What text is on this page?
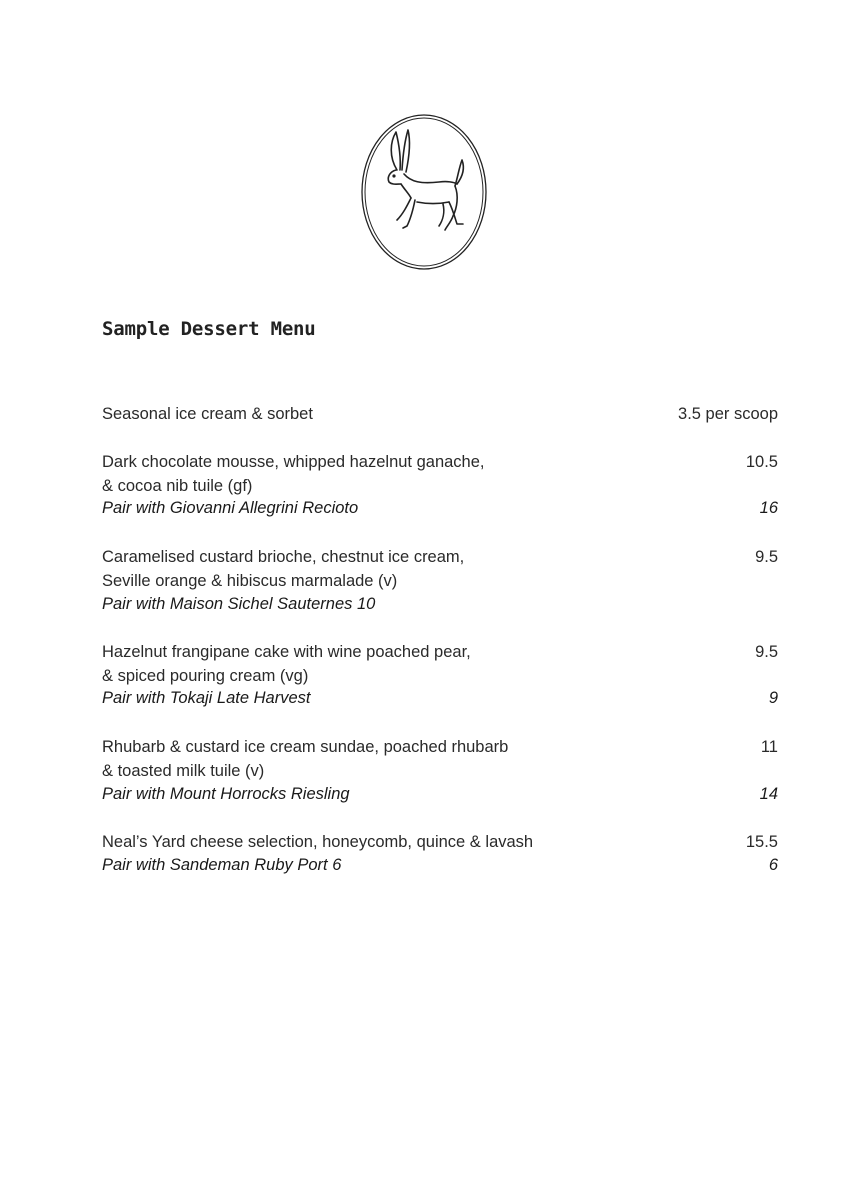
Sample Dessert Menu
Seasonal ice cream & sorbet	3.5 per scoop
Dark chocolate mousse, whipped hazelnut ganache,	10.5
& cocoa nib tuile (gf)
Pair with Giovanni Allegrini Recioto	16
Caramelised custard brioche, chestnut ice cream,	9.5
Seville orange & hibiscus marmalade (v)
Pair with Maison Sichel Sauternes 10
Hazelnut frangipane cake with wine poached pear,	9.5
& spiced pouring cream (vg)
Pair with Tokaji Late Harvest	9
Rhubarb & custard ice cream sundae, poached rhubarb	11
& toasted milk tuile (v)
Pair with Mount Horrocks Riesling	14
Neal’s Yard cheese selection, honeycomb, quince & lavash	15.5
Pair with Sandeman Ruby Port 6	6
